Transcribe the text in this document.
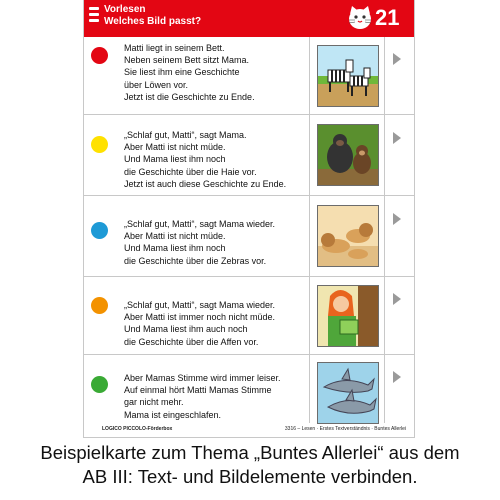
Vorlesen
Welches Bild passt?	21
Matti liegt in seinem Bett.
Neben seinem Bett sitzt Mama.
Sie liest ihm eine Geschichte
über Löwen vor.
Jetzt ist die Geschichte zu Ende.
„Schlaf gut, Matti“, sagt Mama.
Aber Matti ist nicht müde.
Und Mama liest ihm noch
die Geschichte über die Haie vor.
Jetzt ist auch diese Geschichte zu Ende.
„Schlaf gut, Matti“, sagt Mama wieder.
Aber Matti ist nicht müde.
Und Mama liest ihm noch
die Geschichte über die Zebras vor.
„Schlaf gut, Matti“, sagt Mama wieder.
Aber Matti ist immer noch nicht müde.
Und Mama liest ihm auch noch
die Geschichte über die Affen vor.
Aber Mamas Stimme wird immer leiser.
Auf einmal hört Matti Mamas Stimme
gar nicht mehr.
Mama ist eingeschlafen.
LOGICO PICCOLO-Förderbox	3316 – Lesen · Erstes Textverständnis · Buntes Allerlei
Beispielkarte zum Thema „Buntes Allerlei“ aus dem
AB III: Text- und Bildelemente verbinden.
